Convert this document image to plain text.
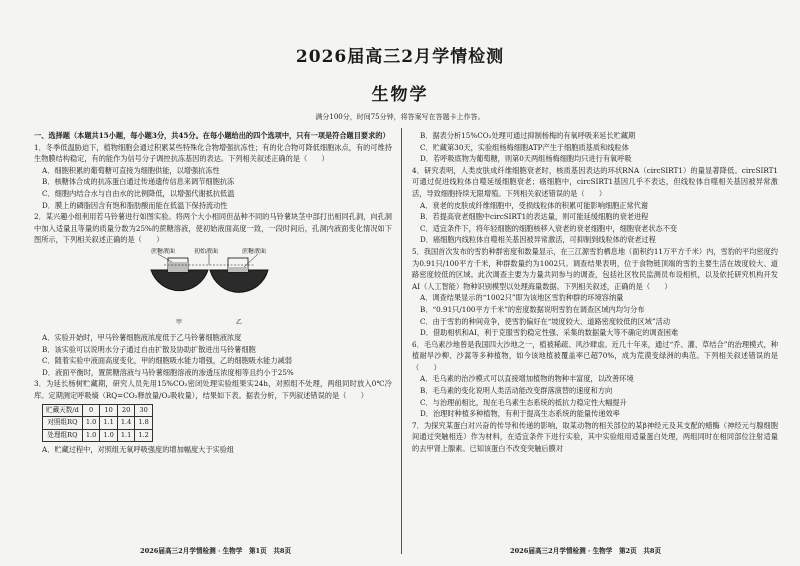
2026届高三2月学情检测
生物学
满分100分，时间75分钟，将答案写在答题卡上作答。

一、选择题（本题共15小题，每小题3分，共45分。在每小题给出的四个选项中，只有一项是符合题目要求的）

1．冬季低温胁迫下，植物细胞会通过积累某些特殊化合物增强抗冻性；有的化合物可降低细胞冰点，有的可维持生物膜结构稳定，有的能作为信号分子调控抗冻基因的表达。下列相关叙述正确的是（　　）

A．细胞积累的葡萄糖可直接为细胞供能，以增强抗冻性

B．核糖体合成的抗冻蛋白通过传递遗传信息来调节细胞抗冻

C．细胞内结合水与自由水的比例降低，以增强代谢抵抗低温

D．膜上的磷脂因含有饱和脂肪酸而能在低温下保持流动性

2．某兴趣小组利用若马铃薯进行如图实验。将两个大小相同但品种不同的马铃薯块茎中部打出相同孔洞，向孔洞中加入适量且等量的质量分数为25%的蔗糖溶液，使初始液面高度一致，一段时间后，孔洞内液面变化情况如下图所示，下列相关叙述正确的是（　　）

蔗糖液面	初始液面	蔗糖液面
甲	乙

A．实验开始时，甲马铃薯细胞液浓度低于乙马铃薯细胞液浓度

B．该实验可以说明水分子通过自由扩散及协助扩散进出马铃薯细胞

C．随着实验中液面高度变化，甲的细胞吸水能力增强，乙的细胞吸水能力减弱

D．液面平衡时，置蔗糖溶液与马铃薯细胞溶液的渗透压浓度相等且约小于25%

3．为延长杨树贮藏期，研究人员先用15%CO₂密闭处理实验组果实24h，对照组不处理，两组同时放入0℃冷库。定期测定呼吸熵（RQ=CO₂释放量/O₂吸收量），结果如下表。据表分析，下列叙述错误的是（　　）

贮藏天数/d	0	10	20	30
对照组RQ	1.0	1.1	1.4	1.8
处理组RQ	1.0	1.0	1.1	1.2

A．贮藏过程中，对照组无氧呼吸强度的增加幅度大于实验组

B．据表分析15%CO₂处理可通过抑制杨梅的有氧呼吸来延长贮藏期

C．贮藏第30天，实验组杨梅细胞ATP产生于细胞质基质和线粒体

D．若呼吸底物为葡萄糖，则第0天两组杨梅细胞均只进行有氧呼吸

4．研究表明，人类皮肤成纤维细胞衰老时，核质基因表达的环状RNA（circSIRT1）的量显著降低。circSIRT1可通过促进线粒体自噬延缓细胞衰老；癌细胞中，circSIRT1基因几乎不表达，但线粒体自噬相关基因被异常激活，导致细胞持续无限增殖。下列相关叙述错误的是（　　）

A．衰老的皮肤成纤维细胞中，受损线粒体的积累可能影响细胞正常代谢

B．若提高衰老细胞中circSIRT1的表达量，则可能延缓细胞的衰老进程

C．适宜条件下，将年轻细胞的细胞核移入衰老的衰老细胞中，细胞衰老状态不变

D．癌细胞内线粒体自噬相关基因被异常激活，可抑制到线粒体的衰老过程

5．我国首次发布的雪豹种群密度和数量显示，在三江源雪豹栖息地（面积约11万平方千米）内，雪豹的平均密度约为0.91只/100平方千米，种群数量约为1002只。调查结果表明，位于食物链顶端的雪豹主要生活在坡度较大、道路密度较低的区域。此次调查主要为力量共同参与的调查，包括社区牧民监测员布设相机，以及依托研究机构开发AI（人工智能）物种识别模型以处理海量数据。下列相关叙述，正确的是（　　）

A．调查结果显示的“1002只”即为该地区雪豹种群的环境容纳量

B．“0.91只/100平方千米”的密度数据说明雪豹在调查区域内均匀分布

C．由于雪豹的种间竞争，使雪豹偏好在“坡度较大、道路密度较低的区域”活动

D．借助相机和AI，利于克服雪豹稳定性强、采集的数据量大等不确定的调查困难

6．毛乌素沙地曾是我国四大沙地之一，植被稀疏、风沙肆虐。近几十年来，通过“乔、灌、草结合”的治理模式，种植耐旱沙柳、沙蒿等多种植物，如今该地植被覆盖率已超70%，成为荒漠变绿洲的典范。下列相关叙述错误的是（　　）

A．毛乌素的治沙模式可以直接增加植物的物种丰富度，以改善环境

B．毛乌素的变化说明人类活动能改变群落演替的速度和方向

C．与治理前相比，现在毛乌素生态系统的抵抗力稳定性大幅提升

D．治理时种植多种植物，有利于提高生态系统的能量传递效率

7．为探究某蛋白对兴奋的传导和传递的影响，取某动物的相关部位的某β神经元及其支配的蜡酶（神经元与腺细胞间通过突触相连）作为材料，在适宜条件下进行实验，其中实验组用适量蛋白处理，两组同时在相同部位注射适量的去甲肾上腺素。已知该蛋白不改变突触后膜对

2026届高三2月学情检测 · 生物学　第1页　共8页	2026届高三2月学情检测 · 生物学　第2页　共8页
